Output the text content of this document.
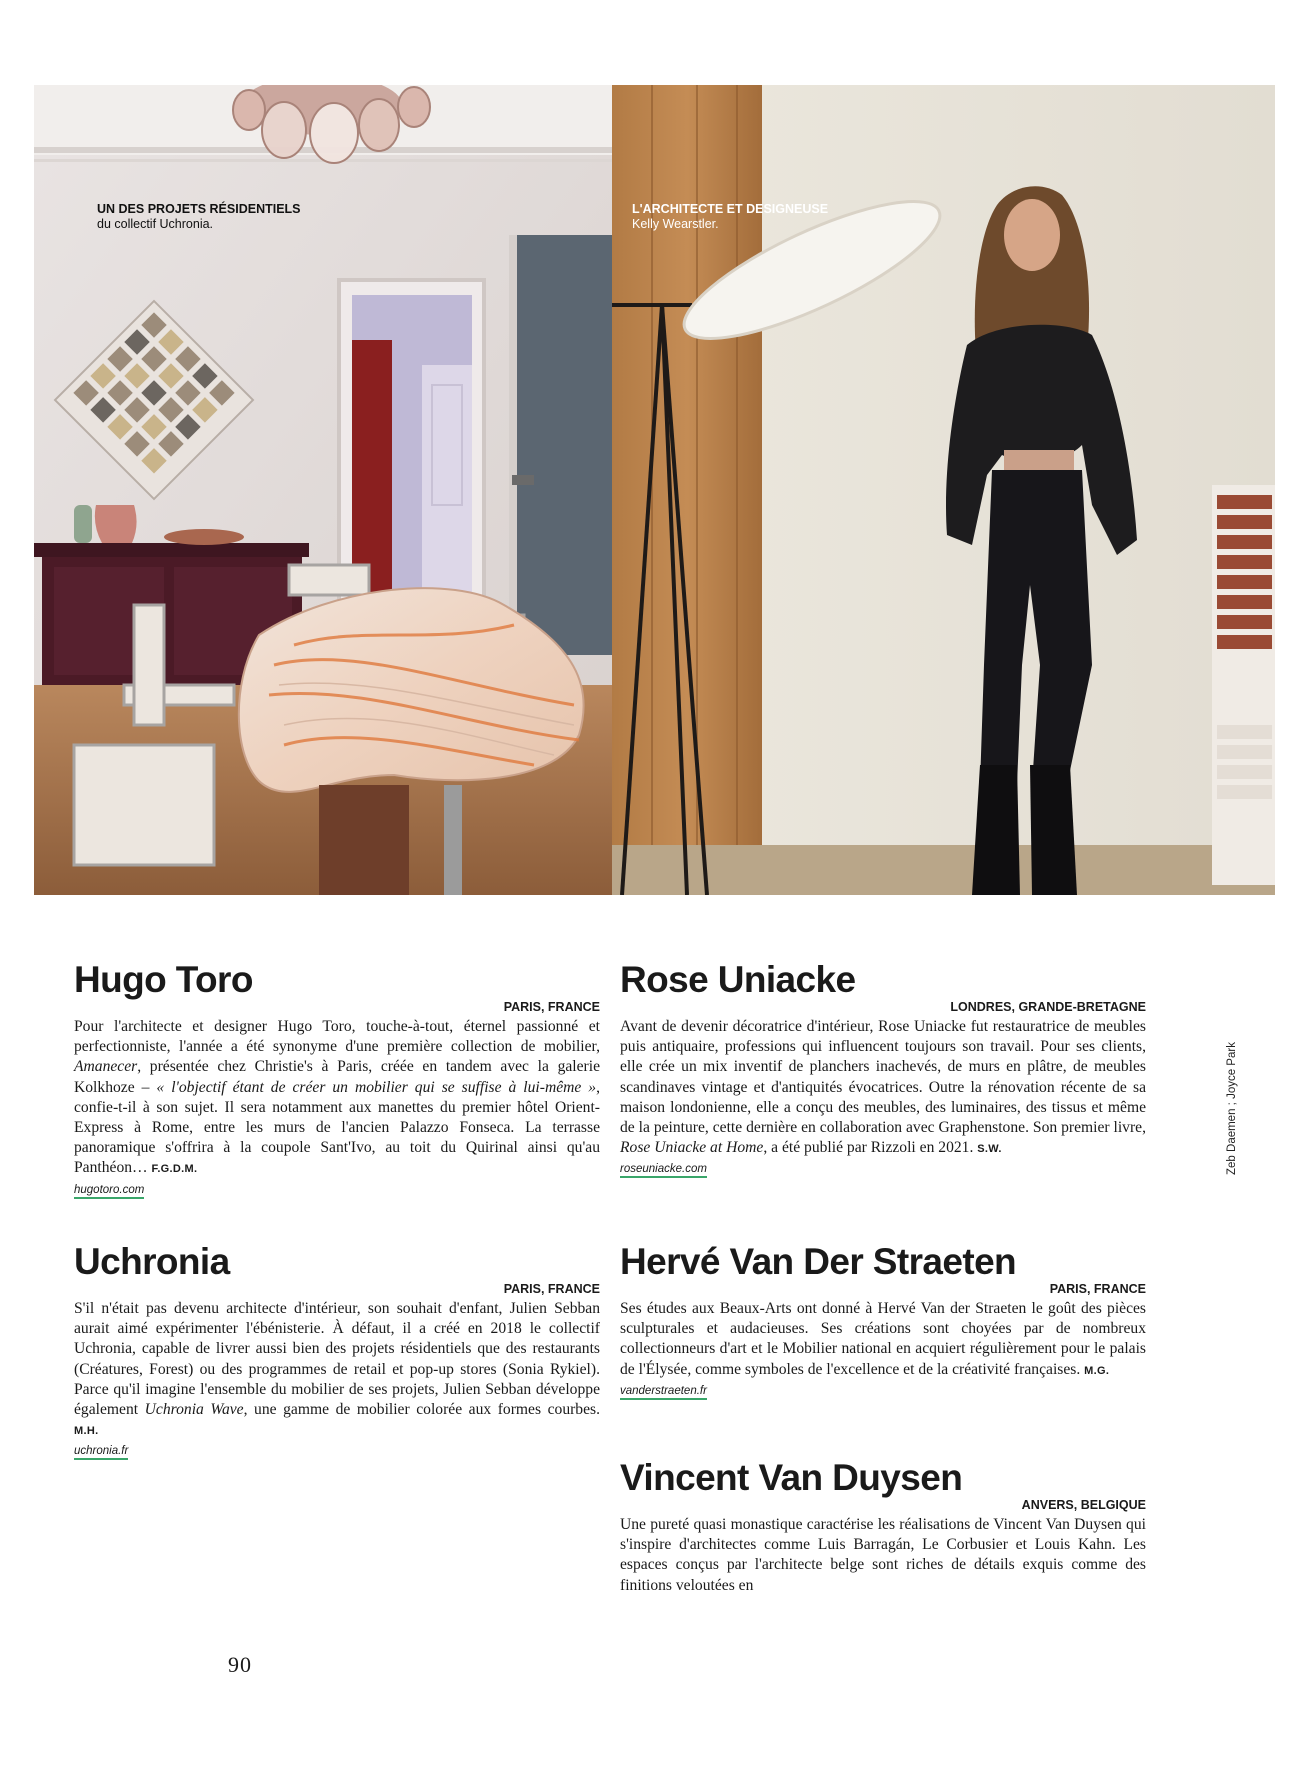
UN DES PROJETS RÉSIDENTIELS
du collectif Uchronia.
L'ARCHITECTE ET DESIGNEUSE
Kelly Wearstler.
Hugo Toro
PARIS, FRANCE

Pour l'architecte et designer Hugo Toro, touche-à-tout, éternel passionné et perfectionniste, l'année a été synonyme d'une première collection de mobilier, Amanecer, présentée chez Christie's à Paris, créée en tandem avec la galerie Kolkhoze – « l'objectif étant de créer un mobilier qui se suffise à lui-même », confie-t-il à son sujet. Il sera notamment aux manettes du premier hôtel Orient-Express à Rome, entre les murs de l'ancien Palazzo Fonseca. La terrasse panoramique s'offrira à la coupole Sant'Ivo, au toit du Quirinal ainsi qu'au Panthéon… F.G.D.M.

hugotoro.com
Rose Uniacke
LONDRES, GRANDE-BRETAGNE

Avant de devenir décoratrice d'intérieur, Rose Uniacke fut restauratrice de meubles puis antiquaire, professions qui influencent toujours son travail. Pour ses clients, elle crée un mix inventif de planchers inachevés, de murs en plâtre, de meubles scandinaves vintage et d'antiquités évocatrices. Outre la rénovation récente de sa maison londonienne, elle a conçu des meubles, des luminaires, des tissus et même de la peinture, cette dernière en collaboration avec Graphenstone. Son premier livre, Rose Uniacke at Home, a été publié par Rizzoli en 2021. S.W.

roseuniacke.com
Uchronia
PARIS, FRANCE

S'il n'était pas devenu architecte d'intérieur, son souhait d'enfant, Julien Sebban aurait aimé expérimenter l'ébénisterie. À défaut, il a créé en 2018 le collectif Uchronia, capable de livrer aussi bien des projets résidentiels que des restaurants (Créatures, Forest) ou des programmes de retail et pop-up stores (Sonia Rykiel). Parce qu'il imagine l'ensemble du mobilier de ses projets, Julien Sebban développe également Uchronia Wave, une gamme de mobilier colorée aux formes courbes. M.H.

uchronia.fr
Hervé Van Der Straeten
PARIS, FRANCE

Ses études aux Beaux-Arts ont donné à Hervé Van der Straeten le goût des pièces sculpturales et audacieuses. Ses créations sont choyées par de nombreux collectionneurs d'art et le Mobilier national en acquiert régulièrement pour le palais de l'Élysée, comme symboles de l'excellence et de la créativité françaises. M.G.

vanderstraeten.fr
Vincent Van Duysen
ANVERS, BELGIQUE

Une pureté quasi monastique caractérise les réalisations de Vincent Van Duysen qui s'inspire d'architectes comme Luis Barragán, Le Corbusier et Louis Kahn. Les espaces conçus par l'architecte belge sont riches de détails exquis comme des finitions veloutées en

Zeb Daemen ; Joyce Park
90
